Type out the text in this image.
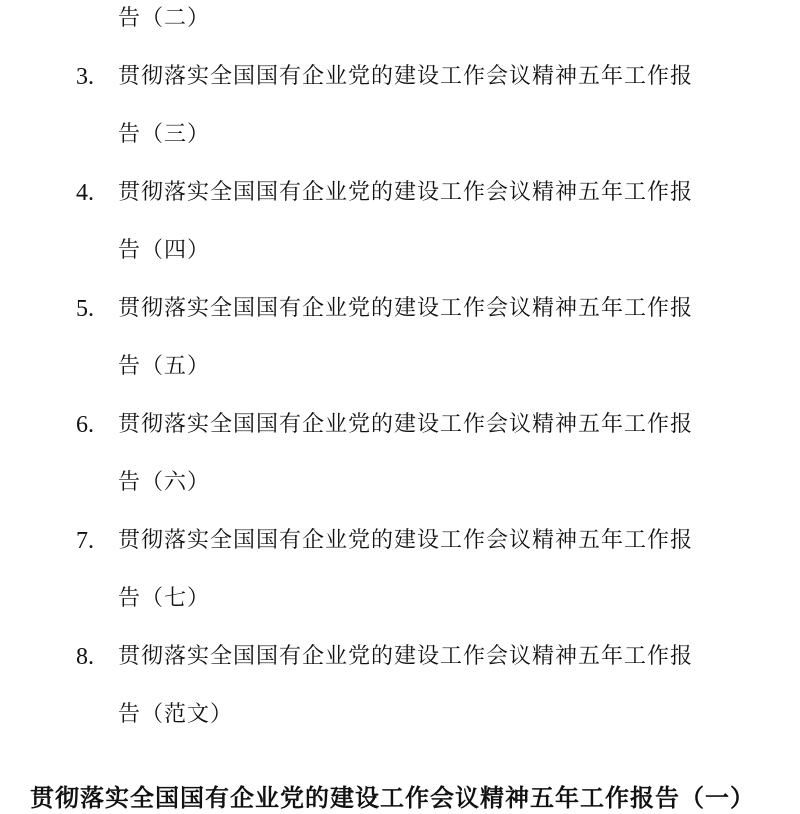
告（二）
3. 贯彻落实全国国有企业党的建设工作会议精神五年工作报
告（三）
4. 贯彻落实全国国有企业党的建设工作会议精神五年工作报
告（四）
5. 贯彻落实全国国有企业党的建设工作会议精神五年工作报
告（五）
6. 贯彻落实全国国有企业党的建设工作会议精神五年工作报
告（六）
7. 贯彻落实全国国有企业党的建设工作会议精神五年工作报
告（七）
8. 贯彻落实全国国有企业党的建设工作会议精神五年工作报
告（范文）
贯彻落实全国国有企业党的建设工作会议精神五年工作报告（一）
